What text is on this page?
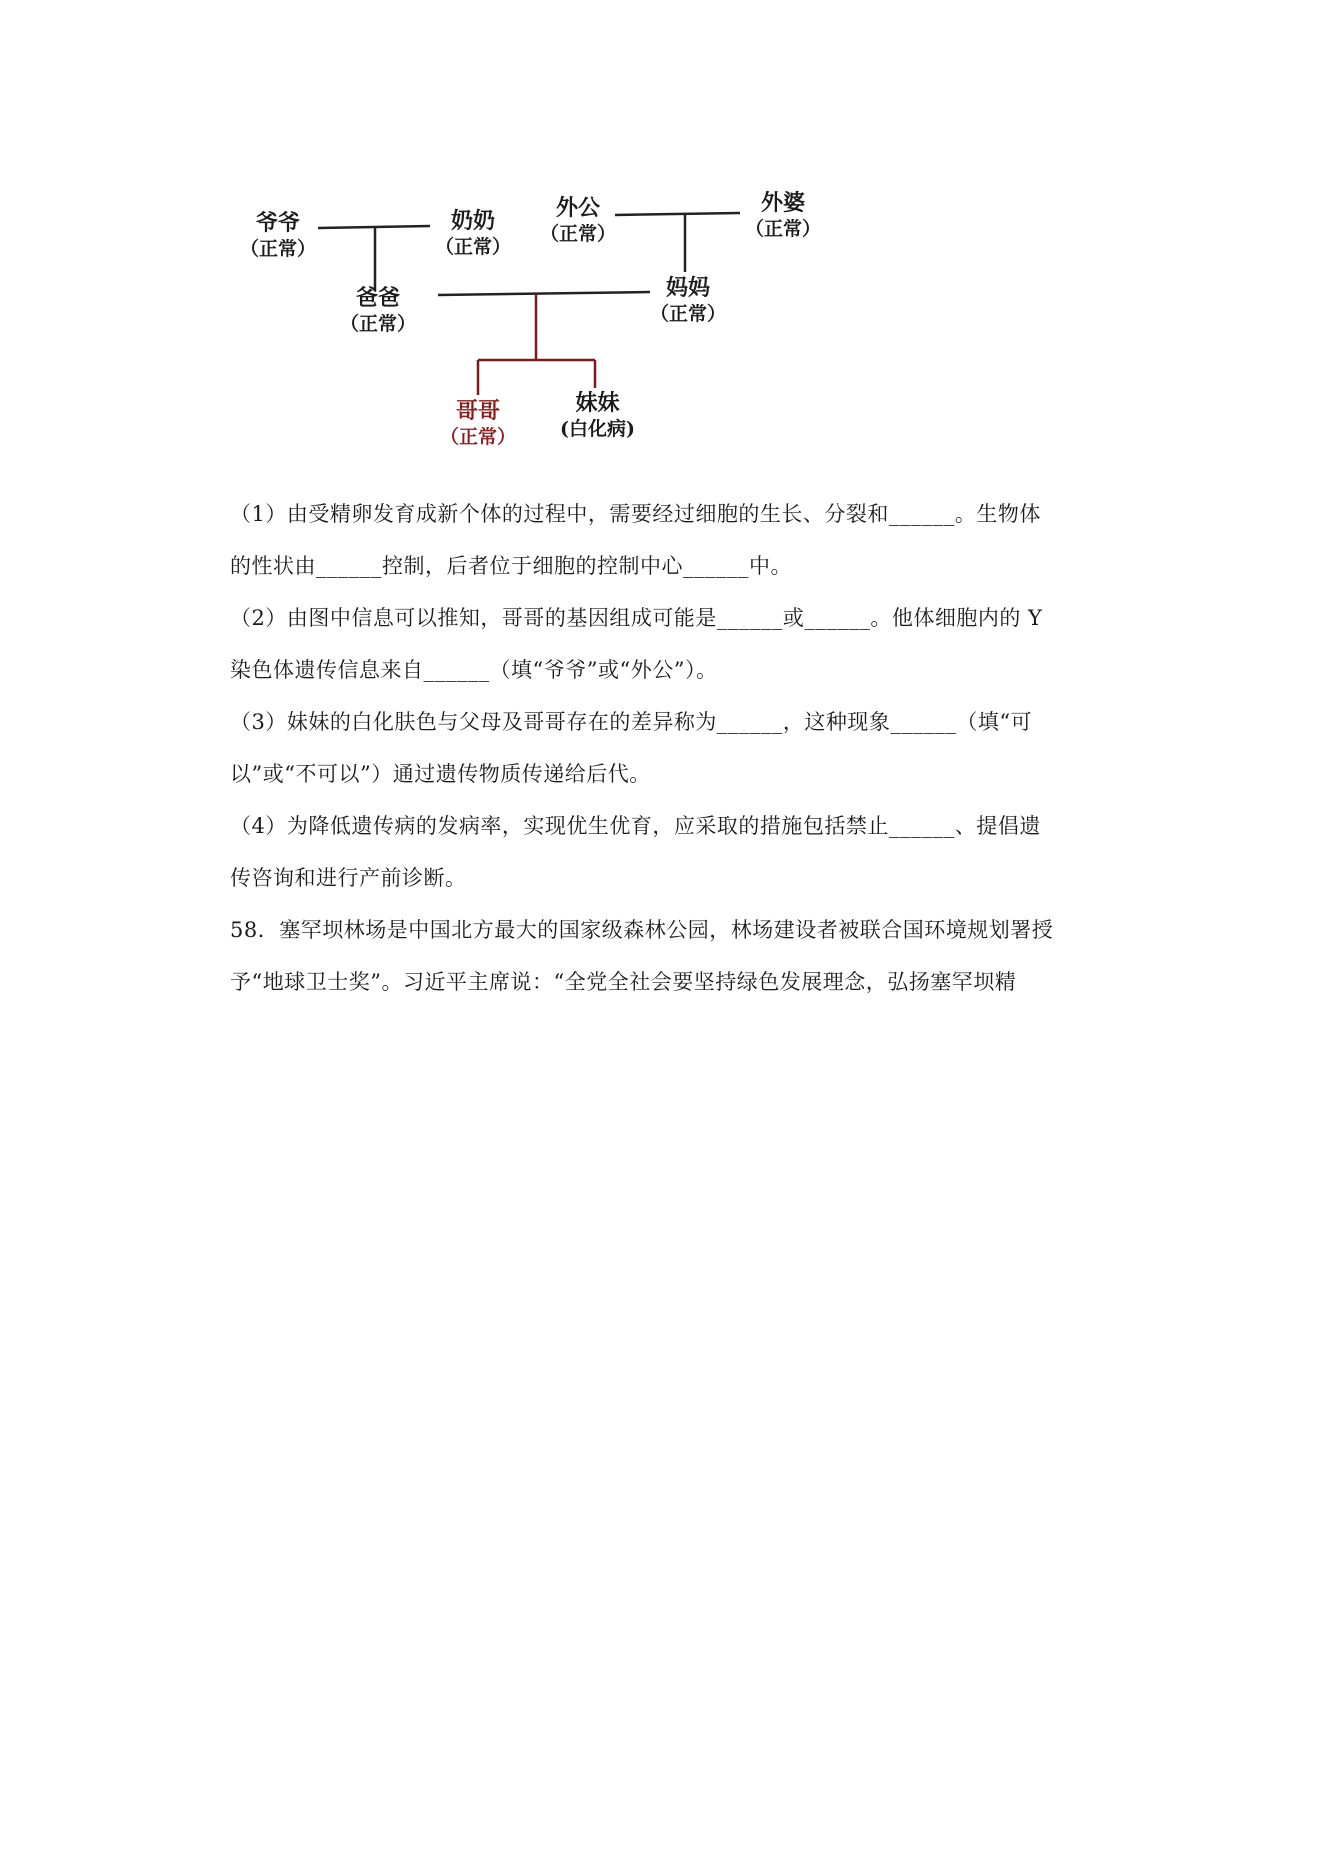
爷爷
（正常）
奶奶
（正常）
外公
（正常）
外婆
（正常）
爸爸
（正常）
妈妈
（正常）
哥哥
（正常）
妹妹
(白化病)

（1）由受精卵发育成新个体的过程中，需要经过细胞的生长、分裂和______。生物体

的性状由______控制，后者位于细胞的控制中心______中。

（2）由图中信息可以推知，哥哥的基因组成可能是______或______。他体细胞内的 Y

染色体遗传信息来自______（填“爷爷”或“外公”）。

（3）妹妹的白化肤色与父母及哥哥存在的差异称为______，这种现象______（填“可

以”或“不可以”）通过遗传物质传递给后代。

（4）为降低遗传病的发病率，实现优生优育，应采取的措施包括禁止______、提倡遗

传咨询和进行产前诊断。

58．塞罕坝林场是中国北方最大的国家级森林公园，林场建设者被联合国环境规划署授

予“地球卫士奖”。习近平主席说：“全党全社会要坚持绿色发展理念，弘扬塞罕坝精
